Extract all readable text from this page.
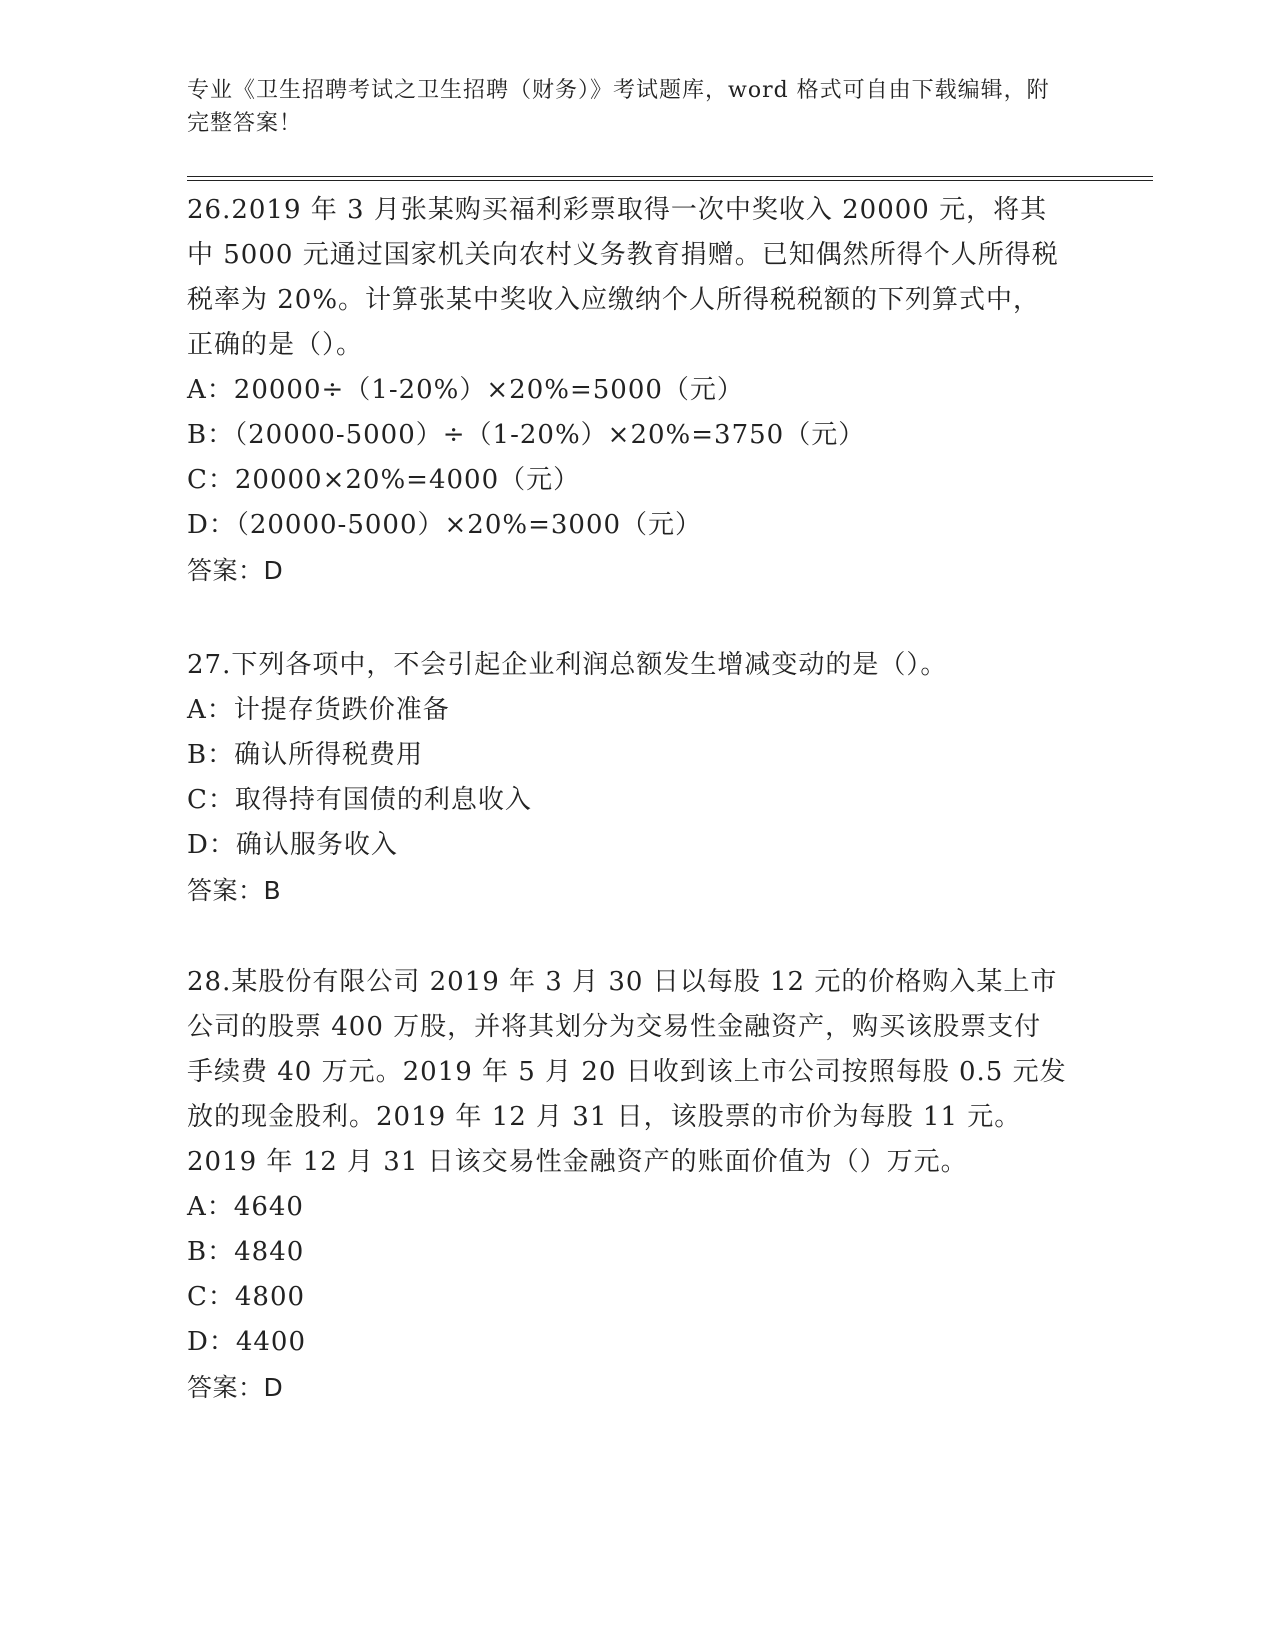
专业《卫生招聘考试之卫生招聘（财务）》考试题库，word 格式可自由下载编辑，附完整答案！

26.2019 年 3 月张某购买福利彩票取得一次中奖收入 20000 元，将其中 5000 元通过国家机关向农村义务教育捐赠。已知偶然所得个人所得税税率为 20%。计算张某中奖收入应缴纳个人所得税税额的下列算式中，正确的是（）。

A：20000÷（1-20%）×20%=5000（元）

B：（20000-5000）÷（1-20%）×20%=3750（元）

C：20000×20%=4000（元）

D：（20000-5000）×20%=3000（元）

答案：D

27.下列各项中，不会引起企业利润总额发生增减变动的是（）。

A：计提存货跌价准备

B：确认所得税费用

C：取得持有国债的利息收入

D：确认服务收入

答案：B

28.某股份有限公司 2019 年 3 月 30 日以每股 12 元的价格购入某上市公司的股票 400 万股，并将其划分为交易性金融资产，购买该股票支付手续费 40 万元。2019 年 5 月 20 日收到该上市公司按照每股 0.5 元发放的现金股利。2019 年 12 月 31 日，该股票的市价为每股 11 元。2019 年 12 月 31 日该交易性金融资产的账面价值为（）万元。

A：4640

B：4840

C：4800

D：4400

答案：D
